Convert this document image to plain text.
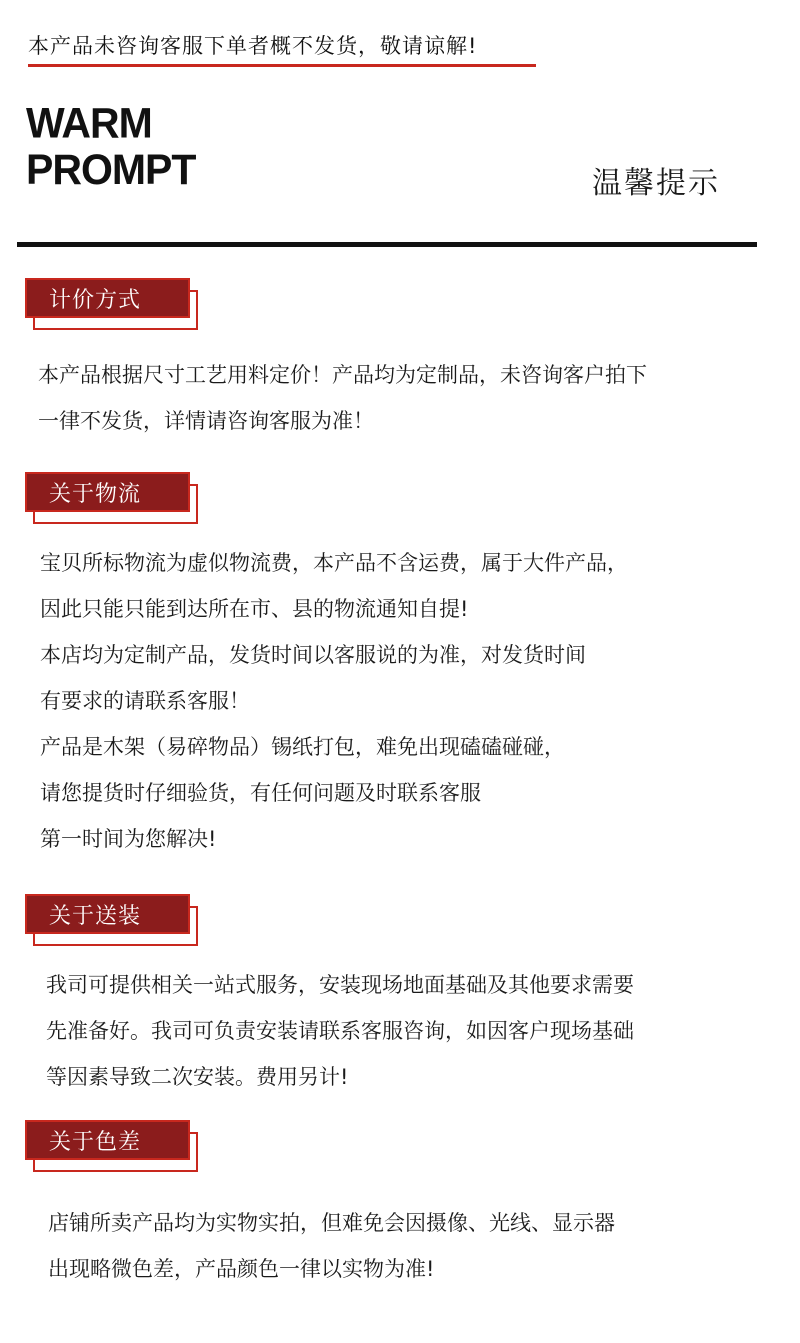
本产品未咨询客服下单者概不发货，敬请谅解!
WARM
PROMPT	温馨提示
计价方式
本产品根据尺寸工艺用料定价！产品均为定制品，未咨询客户拍下
一律不发货，详情请咨询客服为准！
关于物流
宝贝所标物流为虚似物流费，本产品不含运费，属于大件产品，
因此只能只能到达所在市、县的物流通知自提!
本店均为定制产品，发货时间以客服说的为准，对发货时间
有要求的请联系客服！
产品是木架（易碎物品）锡纸打包，难免出现磕磕碰碰，
请您提货时仔细验货，有任何问题及时联系客服
第一时间为您解决!
关于送装
我司可提供相关一站式服务，安装现场地面基础及其他要求需要
先准备好。我司可负责安装请联系客服咨询，如因客户现场基础
等因素导致二次安装。费用另计!
关于色差
店铺所卖产品均为实物实拍，但难免会因摄像、光线、显示器
出现略微色差，产品颜色一律以实物为准!
